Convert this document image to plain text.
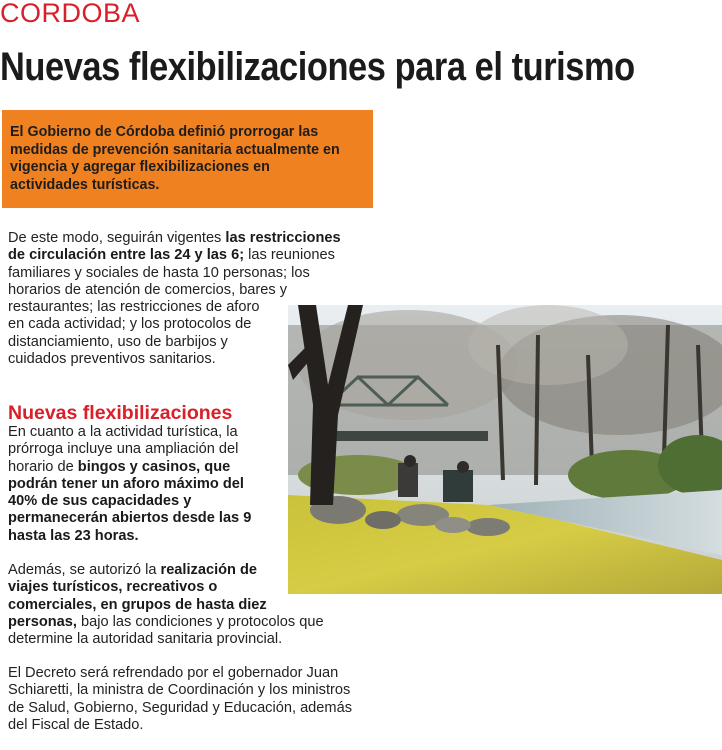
CORDOBA
Nuevas flexibilizaciones para el turismo
El Gobierno de Córdoba definió prorrogar las
medidas de prevención sanitaria actualmente en
vigencia y agregar flexibilizaciones en
actividades turísticas.
De este modo, seguirán vigentes las restricciones
de circulación entre las 24 y las 6; las reuniones
familiares y sociales de hasta 10 personas; los
horarios de atención de comercios, bares y
restaurantes; las restricciones de aforo
en cada actividad; y los protocolos de
distanciamiento, uso de barbijos y
cuidados preventivos sanitarios.
Nuevas flexibilizaciones
En cuanto a la actividad turística, la
prórroga incluye una ampliación del
horario de bingos y casinos, que
podrán tener un aforo máximo del
40% de sus capacidades y
permanecerán abiertos desde las 9
hasta las 23 horas.
Además, se autorizó la realización de
viajes turísticos, recreativos o
comerciales, en grupos de hasta diez
personas, bajo las condiciones y protocolos que
determine la autoridad sanitaria provincial.
El Decreto será refrendado por el gobernador Juan
Schiaretti, la ministra de Coordinación y los ministros
de Salud, Gobierno, Seguridad y Educación, además
del Fiscal de Estado.
